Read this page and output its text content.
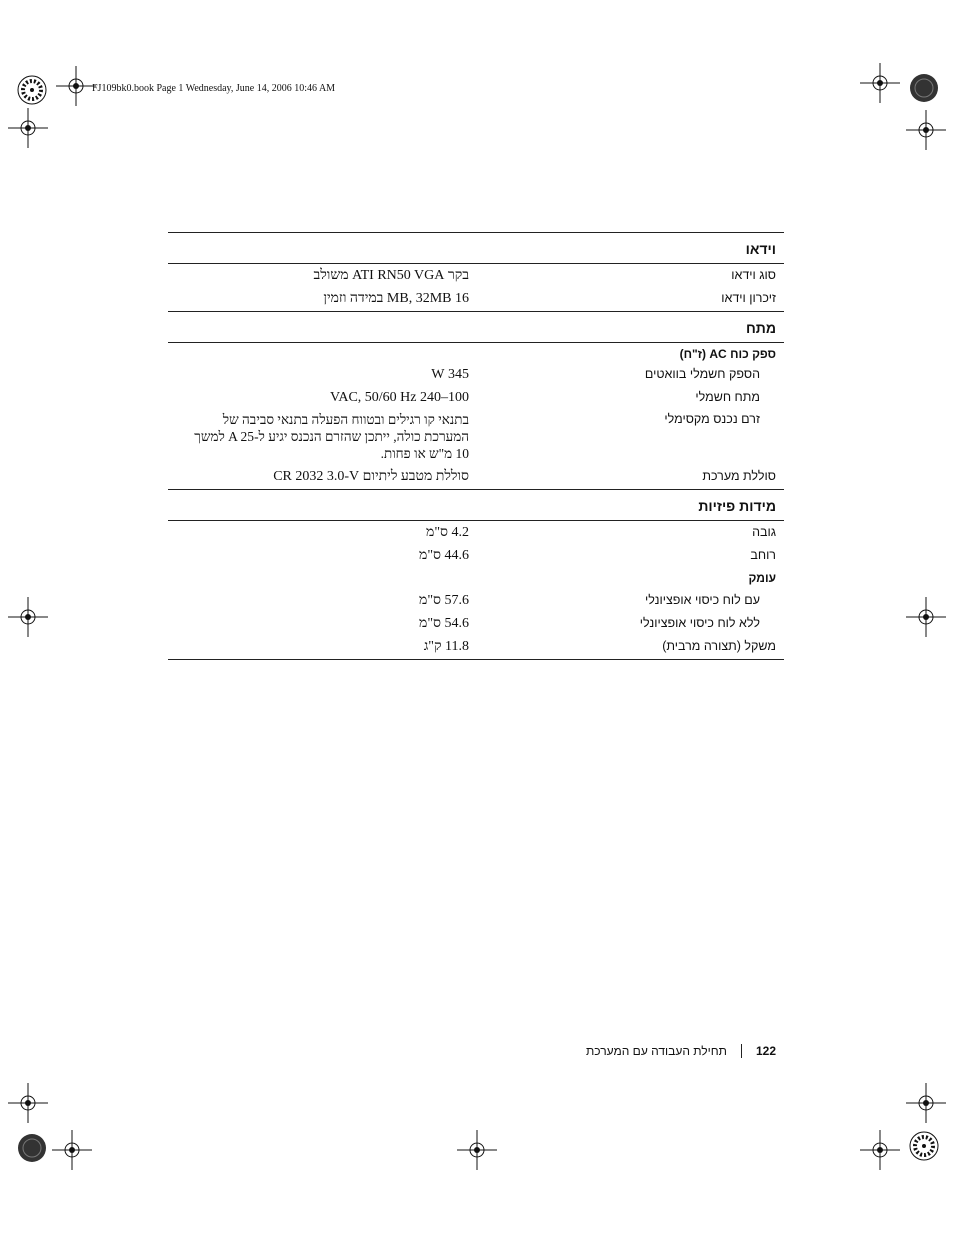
FJ109bk0.book Page 1 Wednesday, June 14, 2006 10:46 AM
וידאו
סוג וידאו
בקר ATI RN50 VGA משולב
זיכרון וידאו
16 MB, 32MB במידה וזמין
מתח
ספק כוח AC (ז"ח)
הספק חשמלי בוואטים
345 W
מתח חשמלי
100–240 VAC, 50/60 Hz
זרם נכנס מקסימלי
בתנאי קו רגילים ובטווח הפעלה בתנאי סביבה של
המערכת כולה, ייתכן שהזרם הנכנס יגיע ל-A 25 למשך
10 מ"ש או פחות.
סוללת מערכת
סוללת מטבע ליתיום CR 2032 3.0-V
מידות פיזיות
גובה
4.2 ס"מ
רוחב
44.6 ס"מ
עומק
עם לוח כיסוי אופציונלי
57.6 ס"מ
ללא לוח כיסוי אופציונלי
54.6 ס"מ
משקל (תצורה מרבית)
11.8 ק"ג
122
תחילת העבודה עם המערכת
